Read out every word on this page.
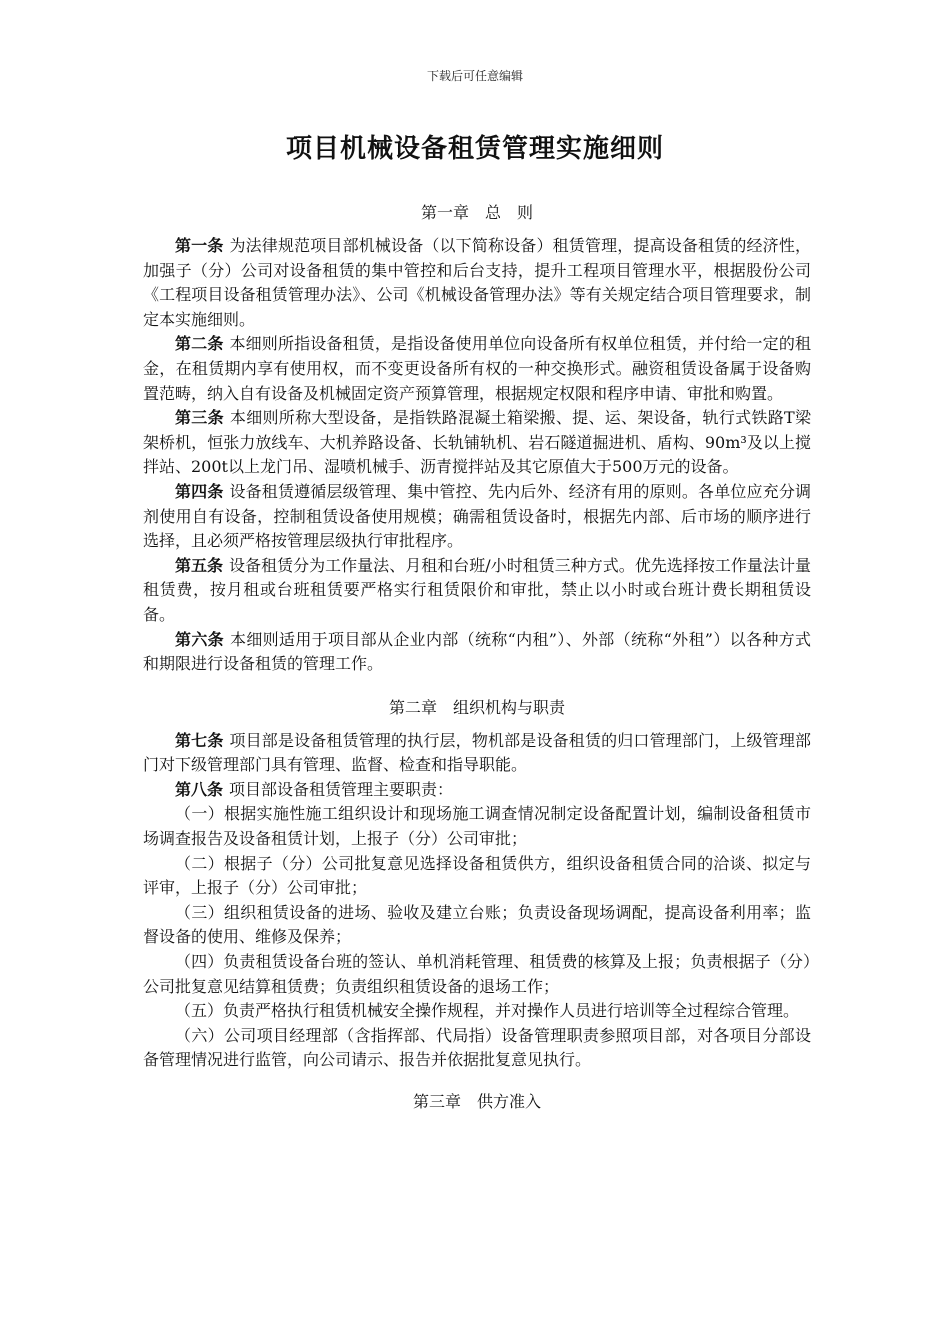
下载后可任意编辑
项目机械设备租赁管理实施细则
第一章　总　则

第一条 为法律规范项目部机械设备（以下简称设备）租赁管理，提高设备租赁的经济性，加强子（分）公司对设备租赁的集中管控和后台支持，提升工程项目管理水平，根据股份公司《工程项目设备租赁管理办法》、公司《机械设备管理办法》等有关规定结合项目管理要求，制定本实施细则。

第二条 本细则所指设备租赁，是指设备使用单位向设备所有权单位租赁，并付给一定的租金，在租赁期内享有使用权，而不变更设备所有权的一种交换形式。融资租赁设备属于设备购置范畴，纳入自有设备及机械固定资产预算管理，根据规定权限和程序申请、审批和购置。

第三条 本细则所称大型设备，是指铁路混凝土箱梁搬、提、运、架设备，轨行式铁路T梁架桥机，恒张力放线车、大机养路设备、长轨铺轨机、岩石隧道掘进机、盾构、90m³及以上搅拌站、200t以上龙门吊、湿喷机械手、沥青搅拌站及其它原值大于500万元的设备。

第四条 设备租赁遵循层级管理、集中管控、先内后外、经济有用的原则。各单位应充分调剂使用自有设备，控制租赁设备使用规模；确需租赁设备时，根据先内部、后市场的顺序进行选择，且必须严格按管理层级执行审批程序。

第五条 设备租赁分为工作量法、月租和台班/小时租赁三种方式。优先选择按工作量法计量租赁费，按月租或台班租赁要严格实行租赁限价和审批，禁止以小时或台班计费长期租赁设备。

第六条 本细则适用于项目部从企业内部（统称“内租”）、外部（统称“外租”）以各种方式和期限进行设备租赁的管理工作。

第二章　组织机构与职责

第七条 项目部是设备租赁管理的执行层，物机部是设备租赁的归口管理部门，上级管理部门对下级管理部门具有管理、监督、检查和指导职能。

第八条 项目部设备租赁管理主要职责：

（一）根据实施性施工组织设计和现场施工调查情况制定设备配置计划，编制设备租赁市场调查报告及设备租赁计划，上报子（分）公司审批；

（二）根据子（分）公司批复意见选择设备租赁供方，组织设备租赁合同的洽谈、拟定与评审，上报子（分）公司审批；

（三）组织租赁设备的进场、验收及建立台账；负责设备现场调配，提高设备利用率；监督设备的使用、维修及保养；

（四）负责租赁设备台班的签认、单机消耗管理、租赁费的核算及上报；负责根据子（分）公司批复意见结算租赁费；负责组织租赁设备的退场工作；

（五）负责严格执行租赁机械安全操作规程，并对操作人员进行培训等全过程综合管理。

（六）公司项目经理部（含指挥部、代局指）设备管理职责参照项目部，对各项目分部设备管理情况进行监管，向公司请示、报告并依据批复意见执行。

第三章　供方准入
